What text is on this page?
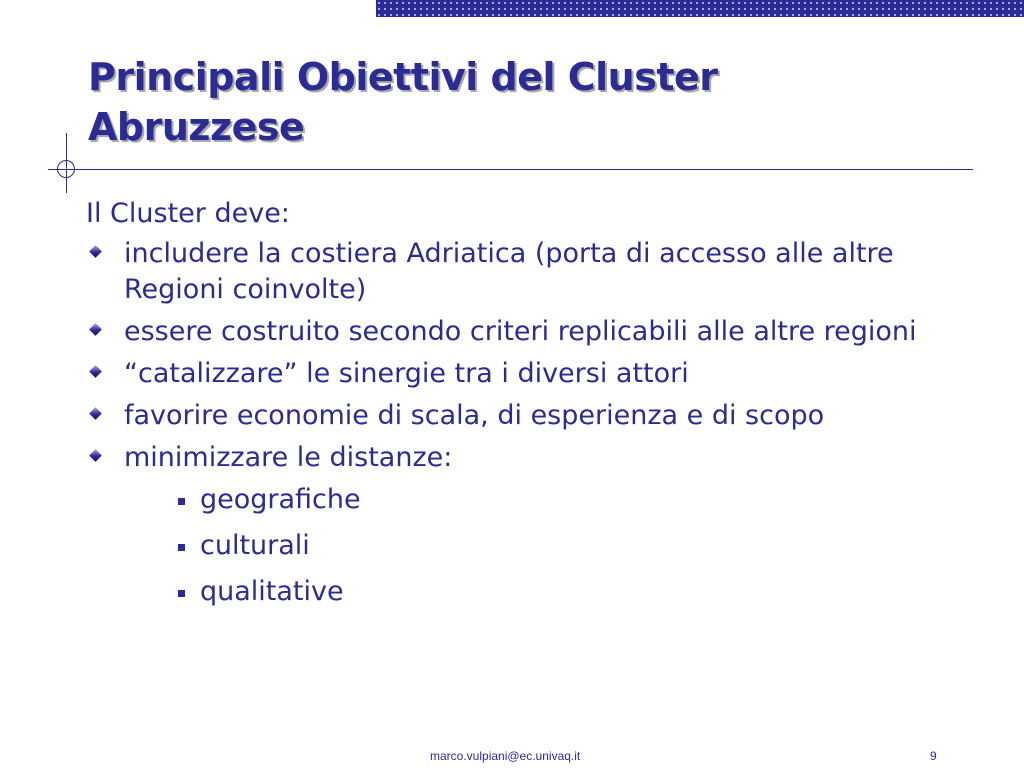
Principali Obiettivi del Cluster
Abruzzese

Il Cluster deve:

includere la costiera Adriatica (porta di accesso alle altre Regioni coinvolte)
essere costruito secondo criteri replicabili alle altre regioni
“catalizzare” le sinergie tra i diversi attori
favorire economie di scala, di esperienza e di scopo
minimizzare le distanze:
geografiche
culturali
qualitative
marco.vulpiani@ec.univaq.it	9
